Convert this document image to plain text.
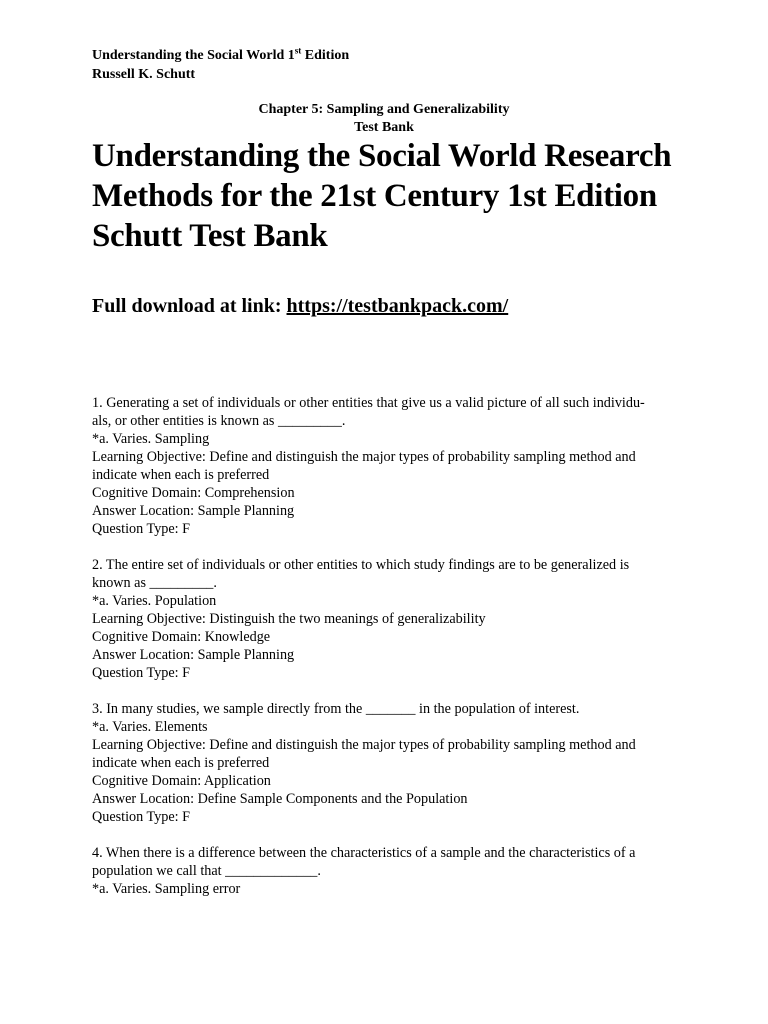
Understanding the Social World 1st Edition
Russell K. Schutt
Chapter 5: Sampling and Generalizability
Test Bank
Understanding the Social World Research
Methods for the 21st Century 1st Edition
Schutt Test Bank
Full download at link: https://testbankpack.com/
1. Generating a set of individuals or other entities that give us a valid picture of all such individu-
als, or other entities is known as _________.
*a. Varies. Sampling
Learning Objective: Define and distinguish the major types of probability sampling method and
indicate when each is preferred
Cognitive Domain: Comprehension
Answer Location: Sample Planning
Question Type: F
2. The entire set of individuals or other entities to which study findings are to be generalized is
known as _________.
*a. Varies. Population
Learning Objective: Distinguish the two meanings of generalizability
Cognitive Domain: Knowledge
Answer Location: Sample Planning
Question Type: F
3. In many studies, we sample directly from the _______ in the population of interest.
*a. Varies. Elements
Learning Objective: Define and distinguish the major types of probability sampling method and
indicate when each is preferred
Cognitive Domain: Application
Answer Location: Define Sample Components and the Population
Question Type: F
4. When there is a difference between the characteristics of a sample and the characteristics of a
population we call that _____________.
*a. Varies. Sampling error
